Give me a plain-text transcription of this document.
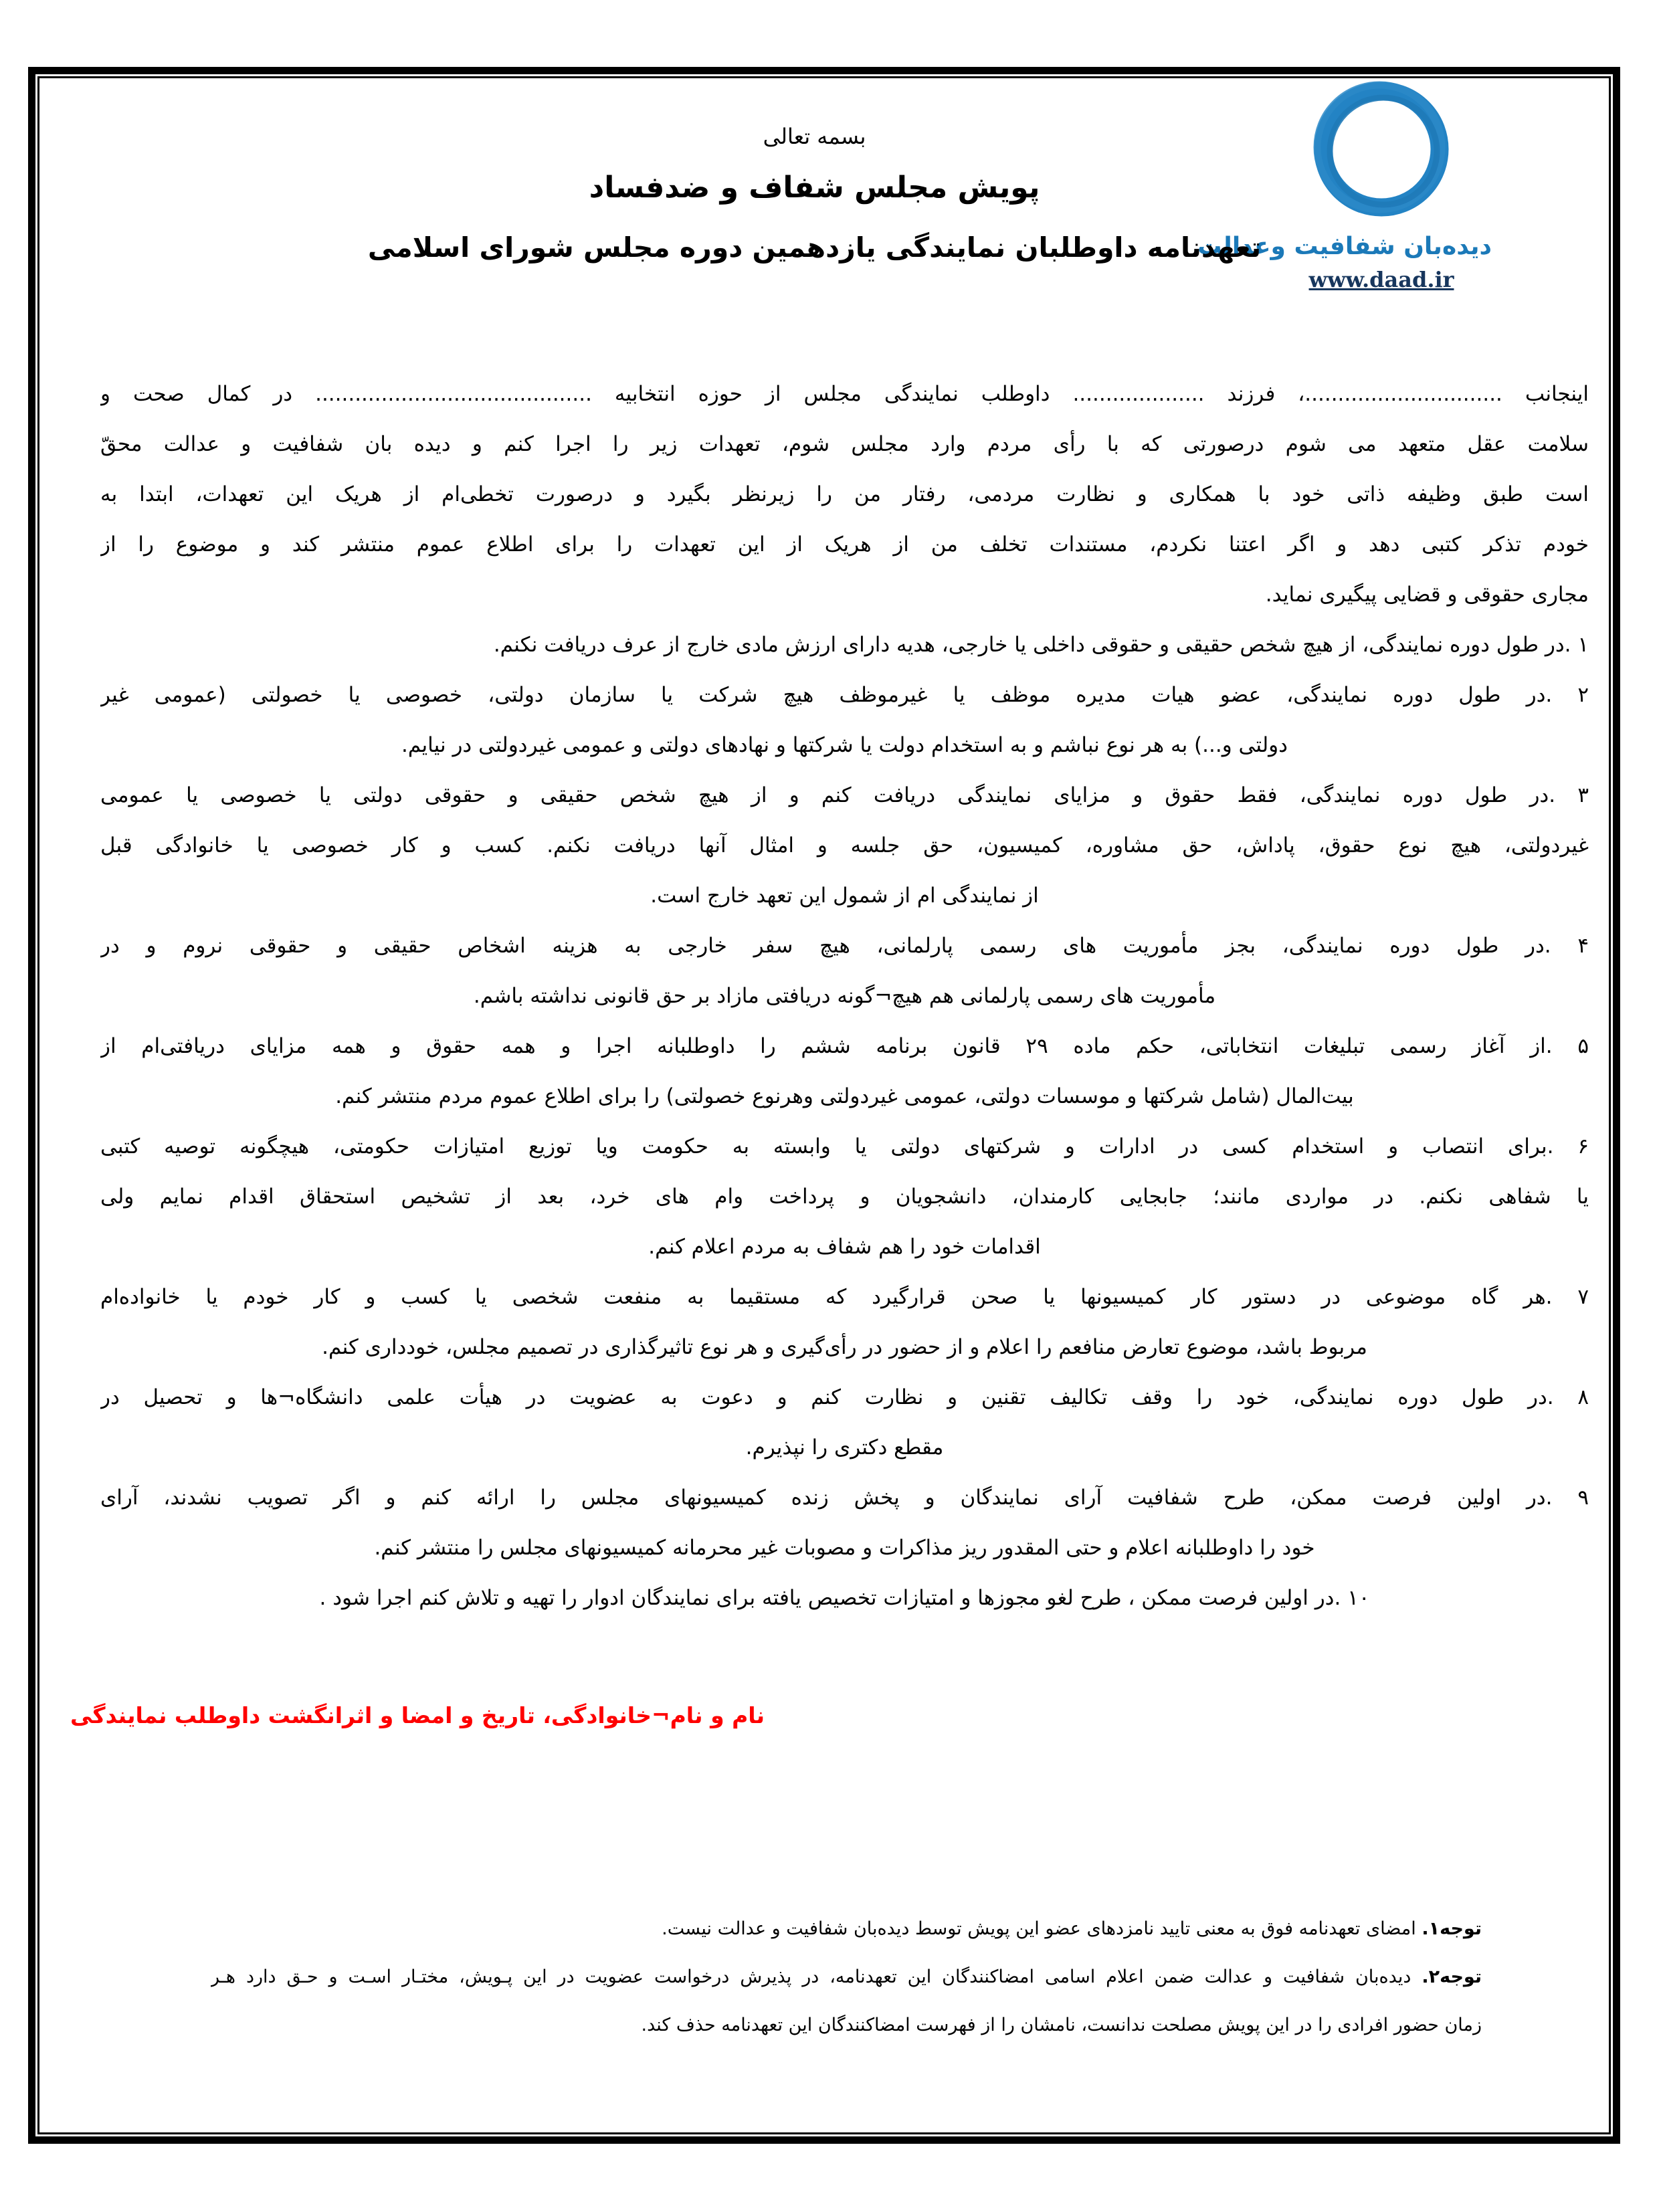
دیده‌بان شفافیت وعدالت
www.daad.ir
بسمه تعالی
پویش مجلس شفاف و ضدفساد
تعهدنامه داوطلبان نمایندگی یازدهمین دوره مجلس شورای اسلامی
اینجانب ..............................، فرزند .................... داوطلب نمایندگی مجلس از حوزه انتخابیه .......................................... در کمال صحت و
سلامت عقل متعهد می شوم درصورتی که با رأی مردم وارد مجلس شوم، تعهدات زیر را اجرا کنم و دیده بان شفافیت و عدالت محقّ
است طبق وظیفه ذاتی خود با همکاری و نظارت مردمی، رفتار من را زیرنظر بگیرد و درصورت تخطی‌ام از هریک این تعهدات، ابتدا به
خودم تذکر کتبی دهد و اگر اعتنا نکردم، مستندات تخلف من از هریک از این تعهدات را برای اطلاع عموم منتشر کند و موضوع را از
مجاری حقوقی و قضایی پیگیری نماید.
۱ .در طول دوره نمایندگی، از هیچ شخص حقیقی و حقوقی داخلی یا خارجی، هدیه دارای ارزش مادی خارج از عرف دریافت نکنم.
۲ .در طول دوره نمایندگی، عضو هیات مدیره موظف یا غیرموظف هیچ شرکت یا سازمان دولتی، خصوصی یا خصولتی (عمومی غیر
دولتی و...) به هر نوع نباشم و به استخدام دولت یا شرکتها و نهادهای دولتی و عمومی غیردولتی در نیایم.
۳ .در طول دوره نمایندگی، فقط حقوق و مزایای نمایندگی دریافت کنم و از هیچ شخص حقیقی و حقوقی دولتی یا خصوصی یا عمومی
غیردولتی، هیچ نوع حقوق، پاداش، حق مشاوره، کمیسیون، حق جلسه و امثال آنها دریافت نکنم. کسب و کار خصوصی یا خانوادگی قبل
از نمایندگی ام از شمول این تعهد خارج است.
۴ .در طول دوره نمایندگی، بجز مأموریت های رسمی پارلمانی، هیچ سفر خارجی به هزینه اشخاص حقیقی و حقوقی نروم و در
مأموریت های رسمی پارلمانی هم هیچ¬گونه دریافتی مازاد بر حق قانونی نداشته باشم.
۵ .از آغاز رسمی تبلیغات انتخاباتی، حکم ماده ۲۹ قانون برنامه ششم را داوطلبانه اجرا و همه حقوق و همه مزایای دریافتی‌ام از
بیت‌المال (شامل شرکتها و موسسات دولتی، عمومی غیردولتی وهرنوع خصولتی) را برای اطلاع عموم مردم منتشر کنم.
۶ .برای انتصاب و استخدام کسی در ادارات و شرکتهای دولتی یا وابسته به حکومت ویا توزیع امتیازات حکومتی، هیچگونه توصیه کتبی
یا شفاهی نکنم. در مواردی مانند؛ جابجایی کارمندان، دانشجویان و پرداخت وام های خرد، بعد از تشخیص استحقاق اقدام نمایم ولی
اقدامات خود را هم شفاف به مردم اعلام کنم.
۷ .هر گاه موضوعی در دستور کار کمیسیونها یا صحن قرارگیرد که مستقیما به منفعت شخصی یا کسب و کار خودم یا خانواده‌ام
مربوط باشد، موضوع تعارض منافعم را اعلام و از حضور در رأی‌گیری و هر نوع تاثیرگذاری در تصمیم مجلس، خودداری کنم.
۸ .در طول دوره نمایندگی، خود را وقف تکالیف تقنین و نظارت کنم و دعوت به عضویت در هیأت علمی دانشگاه¬ها و تحصیل در
مقطع دکتری را نپذیرم.
۹ .در اولین فرصت ممکن، طرح شفافیت آرای نمایندگان و پخش زنده کمیسیونهای مجلس را ارائه کنم و اگر تصویب نشدند، آرای
خود را داوطلبانه اعلام و حتی المقدور ریز مذاکرات و مصوبات غیر محرمانه کمیسیونهای مجلس را منتشر کنم.
۱۰ .در اولین فرصت ممکن ، طرح لغو مجوزها و امتیازات تخصیص یافته برای نمایندگان ادوار را تهیه و تلاش کنم اجرا شود .
نام و نام¬خانوادگی، تاریخ و امضا و اثرانگشت داوطلب نمایندگی
توجه۱. امضای تعهدنامه فوق به معنی تایید نامزدهای عضو این پویش توسط دیده‌بان شفافیت و عدالت نیست.
توجه۲. دیده‌بان شفافیت و عدالت ضمن اعلام اسامی امضاکنندگان این تعهدنامه، در پذیرش درخواست عضویت در این پـویش، مختـار اسـت و حـق دارد هـر
زمان حضور افرادی را در این پویش مصلحت ندانست، نامشان را از فهرست امضاکنندگان این تعهدنامه حذف کند.
